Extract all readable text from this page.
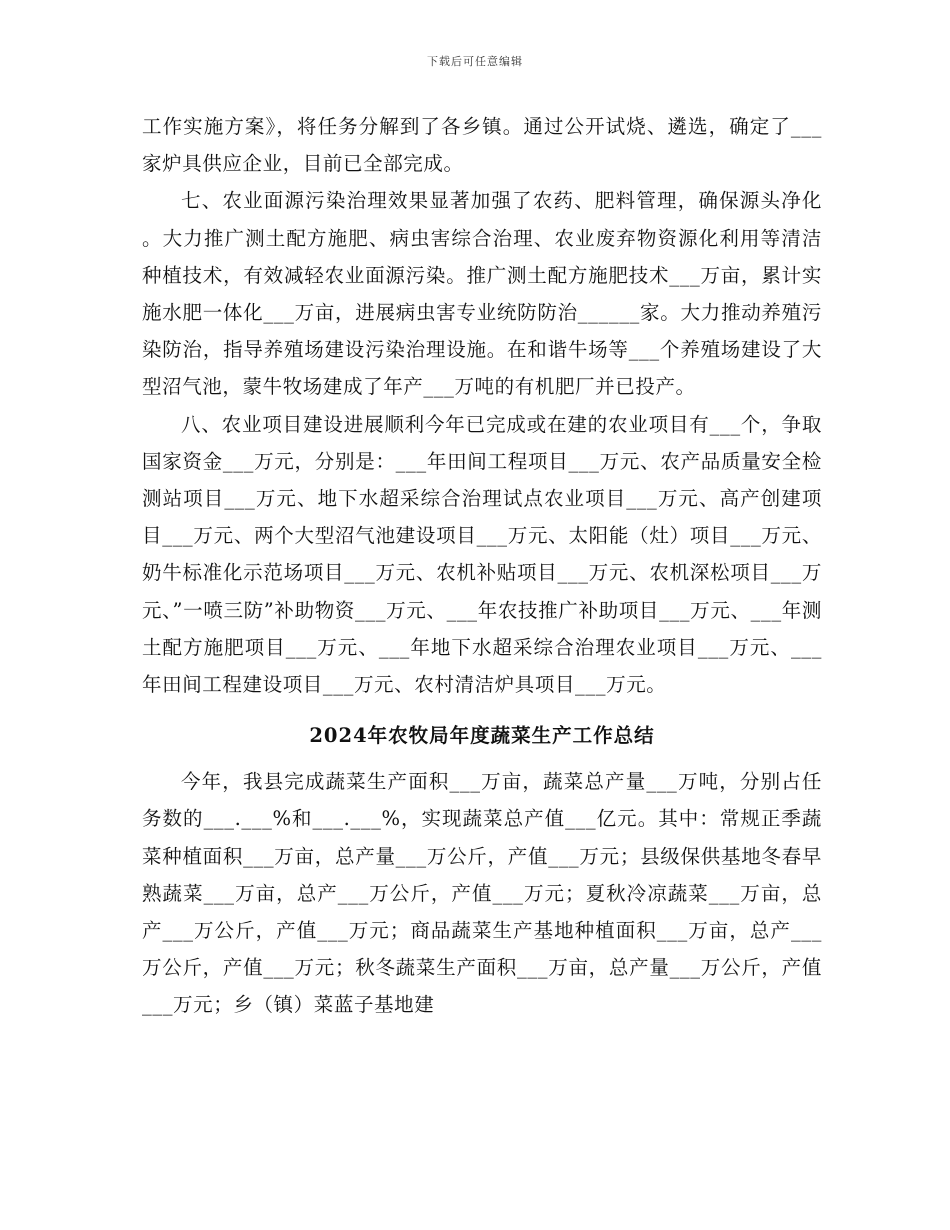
下载后可任意编辑

工作实施方案》，将任务分解到了各乡镇。通过公开试烧、遴选，确定了___家炉具供应企业，目前已全部完成。

七、农业面源污染治理效果显著加强了农药、肥料管理，确保源头净化。大力推广测土配方施肥、病虫害综合治理、农业废弃物资源化利用等清洁种植技术，有效减轻农业面源污染。推广测土配方施肥技术___万亩，累计实施水肥一体化___万亩，进展病虫害专业统防防治______家。大力推动养殖污染防治，指导养殖场建设污染治理设施。在和谐牛场等___个养殖场建设了大型沼气池，蒙牛牧场建成了年产___万吨的有机肥厂并已投产。

八、农业项目建设进展顺利今年已完成或在建的农业项目有___个，争取国家资金___万元，分别是：___年田间工程项目___万元、农产品质量安全检测站项目___万元、地下水超采综合治理试点农业项目___万元、高产创建项目___万元、两个大型沼气池建设项目___万元、太阳能（灶）项目___万元、奶牛标准化示范场项目___万元、农机补贴项目___万元、农机深松项目___万元、”一喷三防”补助物资___万元、___年农技推广补助项目___万元、___年测土配方施肥项目___万元、___年地下水超采综合治理农业项目___万元、___年田间工程建设项目___万元、农村清洁炉具项目___万元。

2024年农牧局年度蔬菜生产工作总结

今年，我县完成蔬菜生产面积___万亩，蔬菜总产量___万吨，分别占任务数的___.___%和___.___%，实现蔬菜总产值___亿元。其中：常规正季蔬菜种植面积___万亩，总产量___万公斤，产值___万元；县级保供基地冬春早熟蔬菜___万亩，总产___万公斤，产值___万元；夏秋冷凉蔬菜___万亩，总产___万公斤，产值___万元；商品蔬菜生产基地种植面积___万亩，总产___万公斤，产值___万元；秋冬蔬菜生产面积___万亩，总产量___万公斤，产值___万元；乡（镇）菜蓝子基地建
